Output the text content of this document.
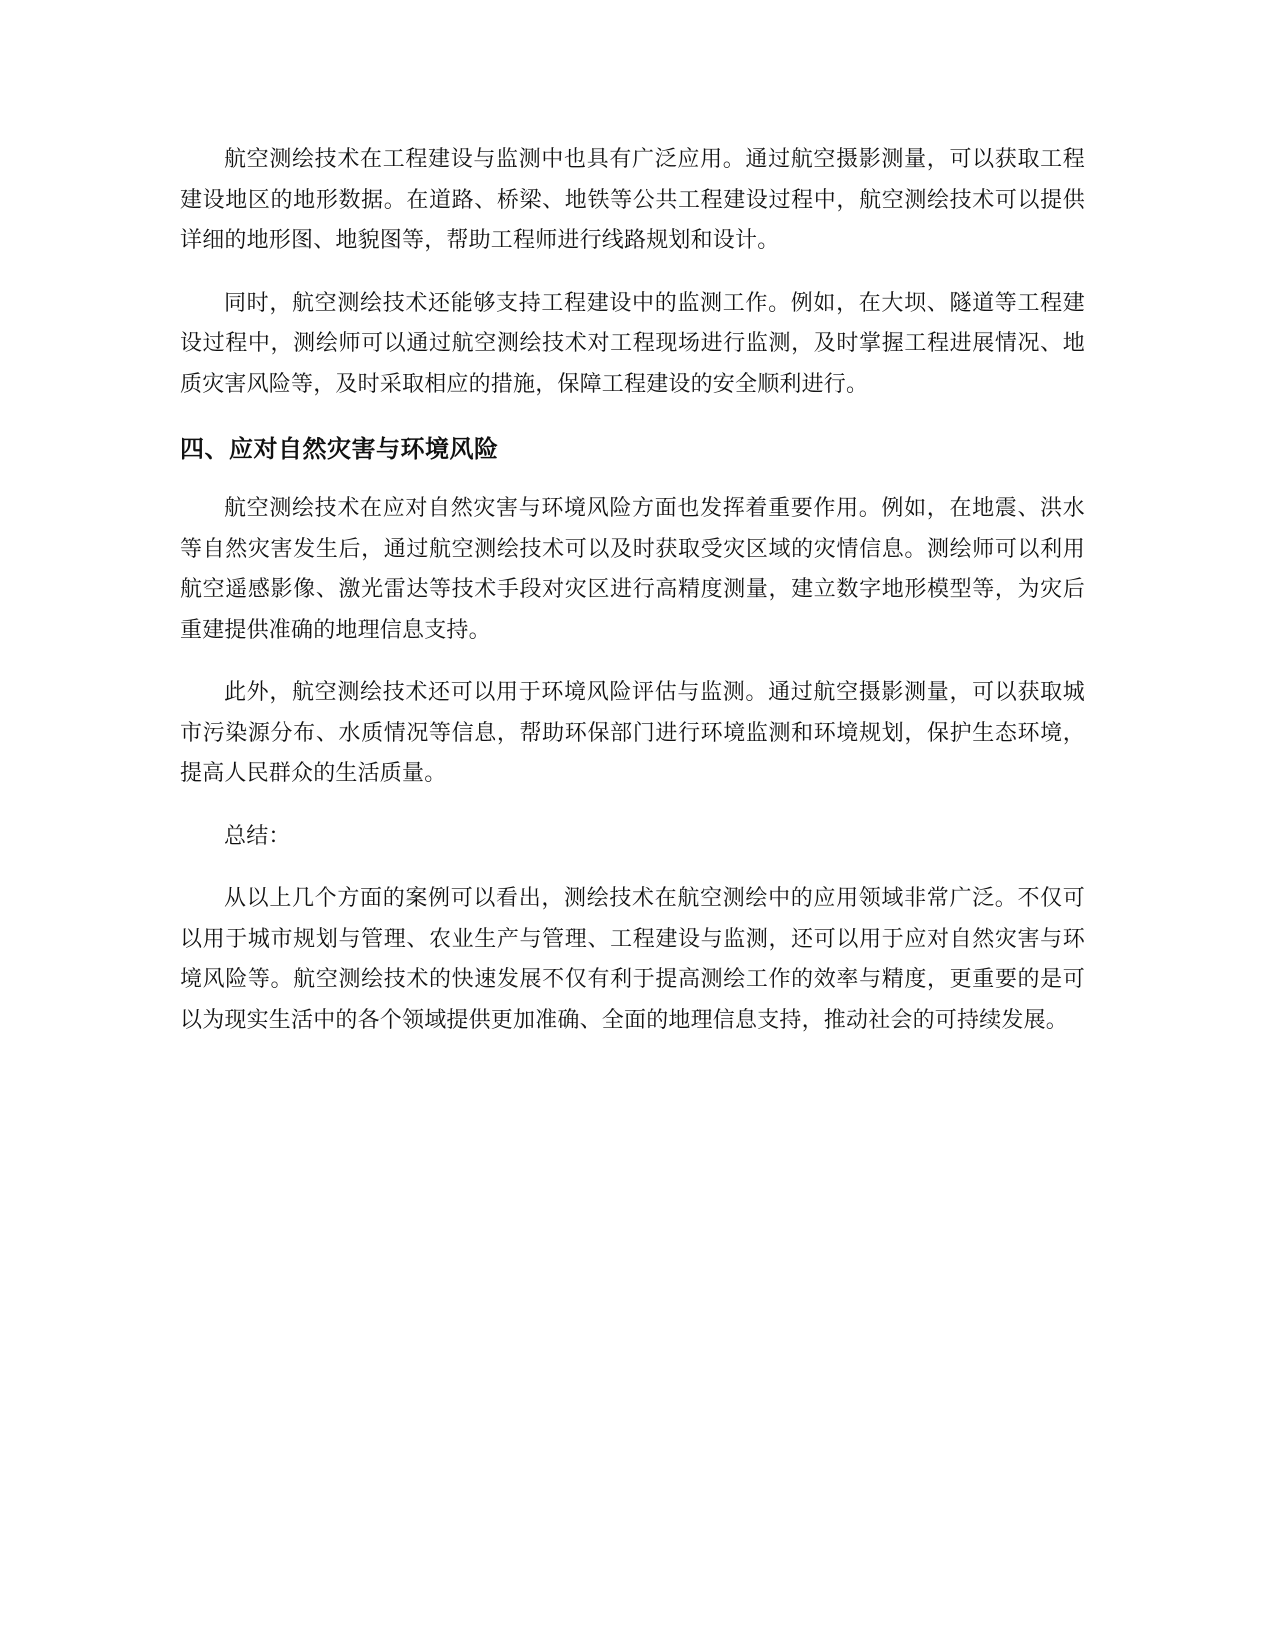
航空测绘技术在工程建设与监测中也具有广泛应用。通过航空摄影测量，可以获取工程建设地区的地形数据。在道路、桥梁、地铁等公共工程建设过程中，航空测绘技术可以提供详细的地形图、地貌图等，帮助工程师进行线路规划和设计。

同时，航空测绘技术还能够支持工程建设中的监测工作。例如，在大坝、隧道等工程建设过程中，测绘师可以通过航空测绘技术对工程现场进行监测，及时掌握工程进展情况、地质灾害风险等，及时采取相应的措施，保障工程建设的安全顺利进行。

四、应对自然灾害与环境风险

航空测绘技术在应对自然灾害与环境风险方面也发挥着重要作用。例如，在地震、洪水等自然灾害发生后，通过航空测绘技术可以及时获取受灾区域的灾情信息。测绘师可以利用航空遥感影像、激光雷达等技术手段对灾区进行高精度测量，建立数字地形模型等，为灾后重建提供准确的地理信息支持。

此外，航空测绘技术还可以用于环境风险评估与监测。通过航空摄影测量，可以获取城市污染源分布、水质情况等信息，帮助环保部门进行环境监测和环境规划，保护生态环境，提高人民群众的生活质量。

总结：

从以上几个方面的案例可以看出，测绘技术在航空测绘中的应用领域非常广泛。不仅可以用于城市规划与管理、农业生产与管理、工程建设与监测，还可以用于应对自然灾害与环境风险等。航空测绘技术的快速发展不仅有利于提高测绘工作的效率与精度，更重要的是可以为现实生活中的各个领域提供更加准确、全面的地理信息支持，推动社会的可持续发展。
